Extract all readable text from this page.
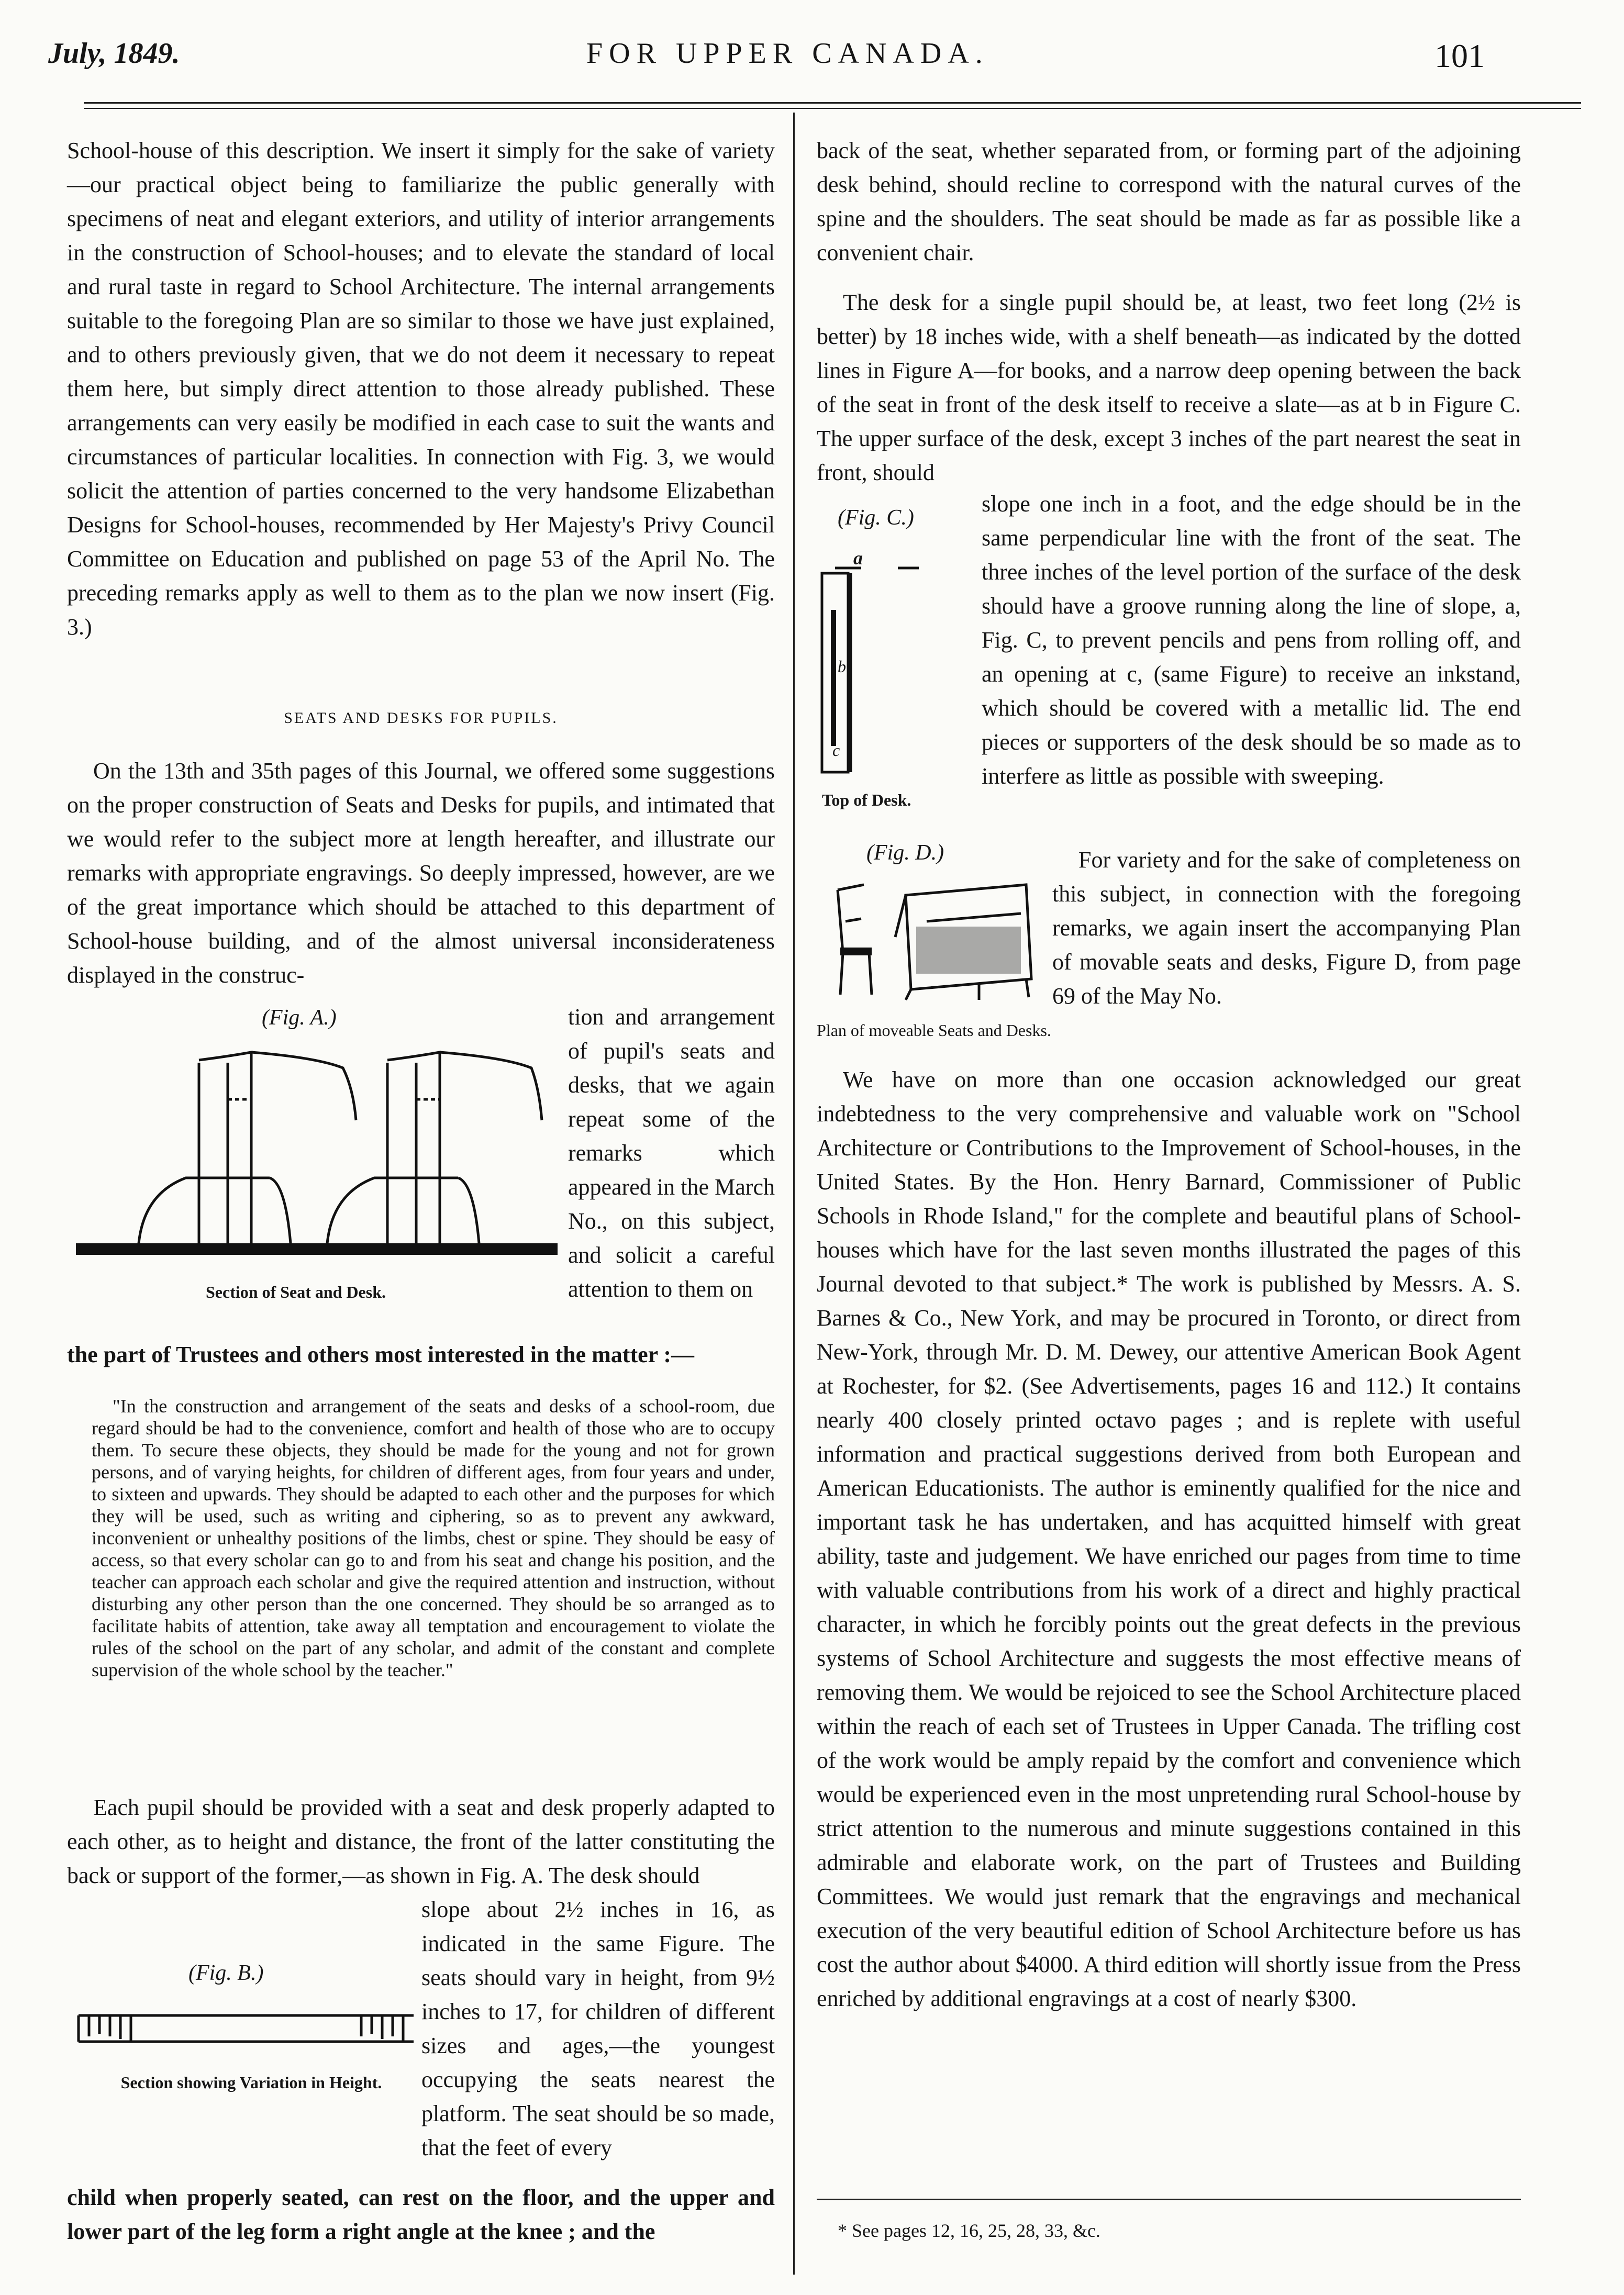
July, 1849.	FOR UPPER CANADA.	101

School-house of this description. We insert it simply for the sake of variety—our practical object being to familiarize the public generally with specimens of neat and elegant exteriors, and utility of interior arrangements in the construction of School-houses; and to elevate the standard of local and rural taste in regard to School Architecture. The internal arrangements suitable to the foregoing Plan are so similar to those we have just explained, and to others previously given, that we do not deem it necessary to repeat them here, but simply direct attention to those already published. These arrangements can very easily be modified in each case to suit the wants and circumstances of particular localities. In connection with Fig. 3, we would solicit the attention of parties concerned to the very handsome Elizabethan Designs for School-houses, recommended by Her Majesty's Privy Council Committee on Education and published on page 53 of the April No. The preceding remarks apply as well to them as to the plan we now insert (Fig. 3.)

SEATS AND DESKS FOR PUPILS.

On the 13th and 35th pages of this Journal, we offered some suggestions on the proper construction of Seats and Desks for pupils, and intimated that we would refer to the subject more at length hereafter, and illustrate our remarks with appropriate engravings. So deeply impressed, however, are we of the great importance which should be attached to this department of School-house building, and of the almost universal inconsiderateness displayed in the construc-

(Fig. A.)
Section of Seat and Desk.

tion and arrangement of pupil's seats and desks, that we again repeat some of the remarks which appeared in the March No., on this subject, and solicit a careful attention to them on

the part of Trustees and others most interested in the matter :—

"In the construction and arrangement of the seats and desks of a school-room, due regard should be had to the convenience, comfort and health of those who are to occupy them. To secure these objects, they should be made for the young and not for grown persons, and of varying heights, for children of different ages, from four years and under, to sixteen and upwards. They should be adapted to each other and the purposes for which they will be used, such as writing and ciphering, so as to prevent any awkward, inconvenient or unhealthy positions of the limbs, chest or spine. They should be easy of access, so that every scholar can go to and from his seat and change his position, and the teacher can approach each scholar and give the required attention and instruction, without disturbing any other person than the one concerned. They should be so arranged as to facilitate habits of attention, take away all temptation and encouragement to violate the rules of the school on the part of any scholar, and admit of the constant and complete supervision of the whole school by the teacher."

Each pupil should be provided with a seat and desk properly adapted to each other, as to height and distance, the front of the latter constituting the back or support of the former,—as shown in Fig. A. The desk should

(Fig. B.)
Section showing Variation in Height.

slope about 2½ inches in 16, as indicated in the same Figure. The seats should vary in height, from 9½ inches to 17, for children of different sizes and ages,—the youngest occupying the seats nearest the platform. The seat should be so made, that the feet of every

child when properly seated, can rest on the floor, and the upper and lower part of the leg form a right angle at the knee ; and the

back of the seat, whether separated from, or forming part of the adjoining desk behind, should recline to correspond with the natural curves of the spine and the shoulders. The seat should be made as far as possible like a convenient chair.

The desk for a single pupil should be, at least, two feet long (2½ is better) by 18 inches wide, with a shelf beneath—as indicated by the dotted lines in Figure A—for books, and a narrow deep opening between the back of the seat in front of the desk itself to receive a slate—as at b in Figure C. The upper surface of the desk, except 3 inches of the part nearest the seat in front, should

(Fig. C.)
a
b
c
Top of Desk.

slope one inch in a foot, and the edge should be in the same perpendicular line with the front of the seat. The three inches of the level portion of the surface of the desk should have a groove running along the line of slope, a, Fig. C, to prevent pencils and pens from rolling off, and an opening at c, (same Figure) to receive an inkstand, which should be covered with a metallic lid. The end pieces or supporters of the desk should be so made as to interfere as little as possible with sweeping.

(Fig. D.)
Plan of moveable Seats and Desks.

For variety and for the sake of completeness on this subject, in connection with the foregoing remarks, we again insert the accompanying Plan of movable seats and desks, Figure D, from page 69 of the May No.

We have on more than one occasion acknowledged our great indebtedness to the very comprehensive and valuable work on "School Architecture or Contributions to the Improvement of School-houses, in the United States. By the Hon. Henry Barnard, Commissioner of Public Schools in Rhode Island," for the complete and beautiful plans of School-houses which have for the last seven months illustrated the pages of this Journal devoted to that subject.* The work is published by Messrs. A. S. Barnes & Co., New York, and may be procured in Toronto, or direct from New-York, through Mr. D. M. Dewey, our attentive American Book Agent at Rochester, for $2. (See Advertisements, pages 16 and 112.) It contains nearly 400 closely printed octavo pages ; and is replete with useful information and practical suggestions derived from both European and American Educationists. The author is eminently qualified for the nice and important task he has undertaken, and has acquitted himself with great ability, taste and judgement. We have enriched our pages from time to time with valuable contributions from his work of a direct and highly practical character, in which he forcibly points out the great defects in the previous systems of School Architecture and suggests the most effective means of removing them. We would be rejoiced to see the School Architecture placed within the reach of each set of Trustees in Upper Canada. The trifling cost of the work would be amply repaid by the comfort and convenience which would be experienced even in the most unpretending rural School-house by strict attention to the numerous and minute suggestions contained in this admirable and elaborate work, on the part of Trustees and Building Committees. We would just remark that the engravings and mechanical execution of the very beautiful edition of School Architecture before us has cost the author about $4000. A third edition will shortly issue from the Press enriched by additional engravings at a cost of nearly $300.

* See pages 12, 16, 25, 28, 33, &c.
